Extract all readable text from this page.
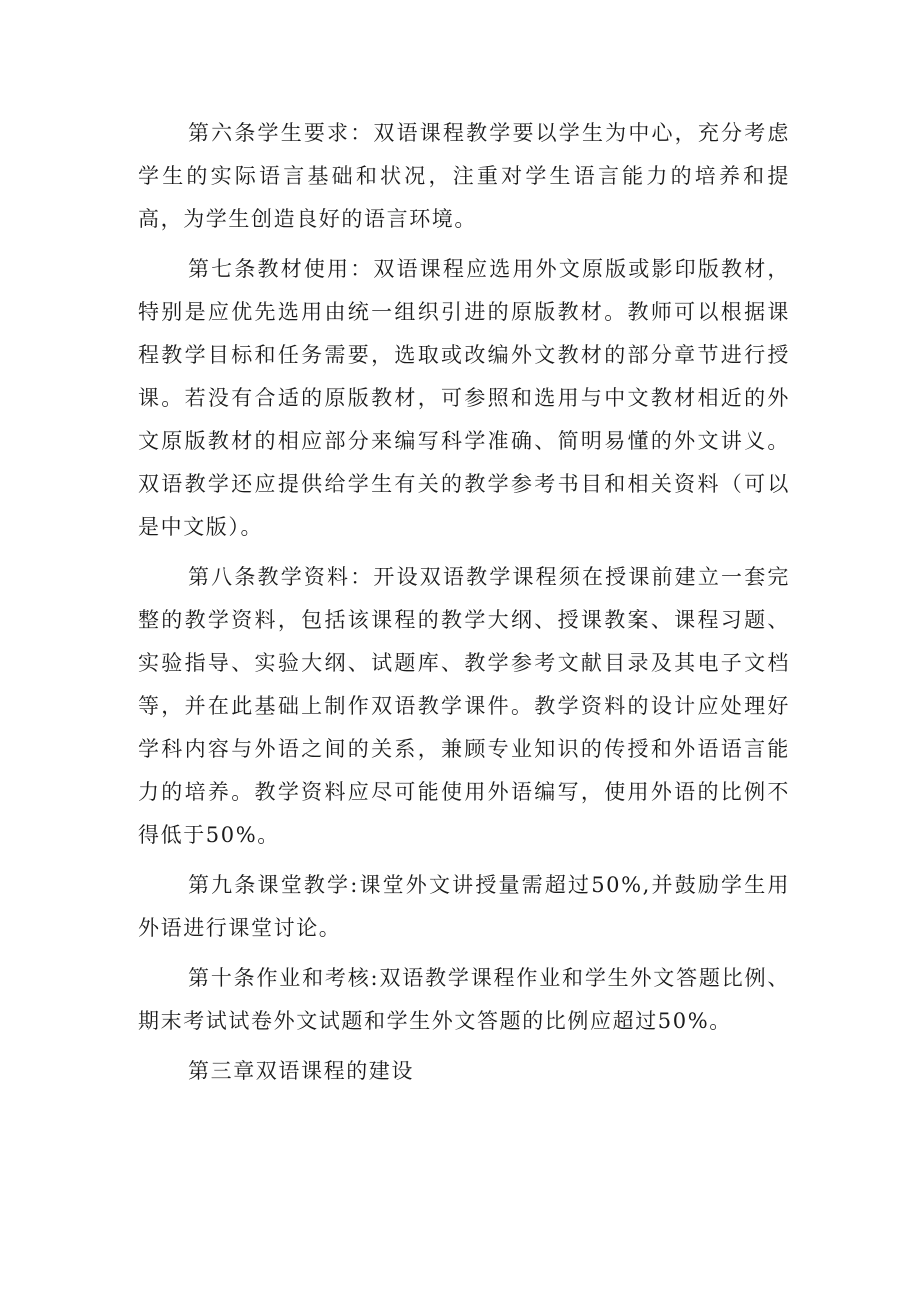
第六条学生要求：双语课程教学要以学生为中心，充分考虑学生的实际语言基础和状况，注重对学生语言能力的培养和提高，为学生创造良好的语言环境。

第七条教材使用：双语课程应选用外文原版或影印版教材，特别是应优先选用由统一组织引进的原版教材。教师可以根据课程教学目标和任务需要，选取或改编外文教材的部分章节进行授课。若没有合适的原版教材，可参照和选用与中文教材相近的外文原版教材的相应部分来编写科学准确、简明易懂的外文讲义。双语教学还应提供给学生有关的教学参考书目和相关资料（可以是中文版）。

第八条教学资料：开设双语教学课程须在授课前建立一套完整的教学资料，包括该课程的教学大纲、授课教案、课程习题、实验指导、实验大纲、试题库、教学参考文献目录及其电子文档等，并在此基础上制作双语教学课件。教学资料的设计应处理好学科内容与外语之间的关系，兼顾专业知识的传授和外语语言能力的培养。教学资料应尽可能使用外语编写，使用外语的比例不得低于50%。

第九条课堂教学:课堂外文讲授量需超过50%,并鼓励学生用外语进行课堂讨论。

第十条作业和考核:双语教学课程作业和学生外文答题比例、期末考试试卷外文试题和学生外文答题的比例应超过50%。

第三章双语课程的建设
